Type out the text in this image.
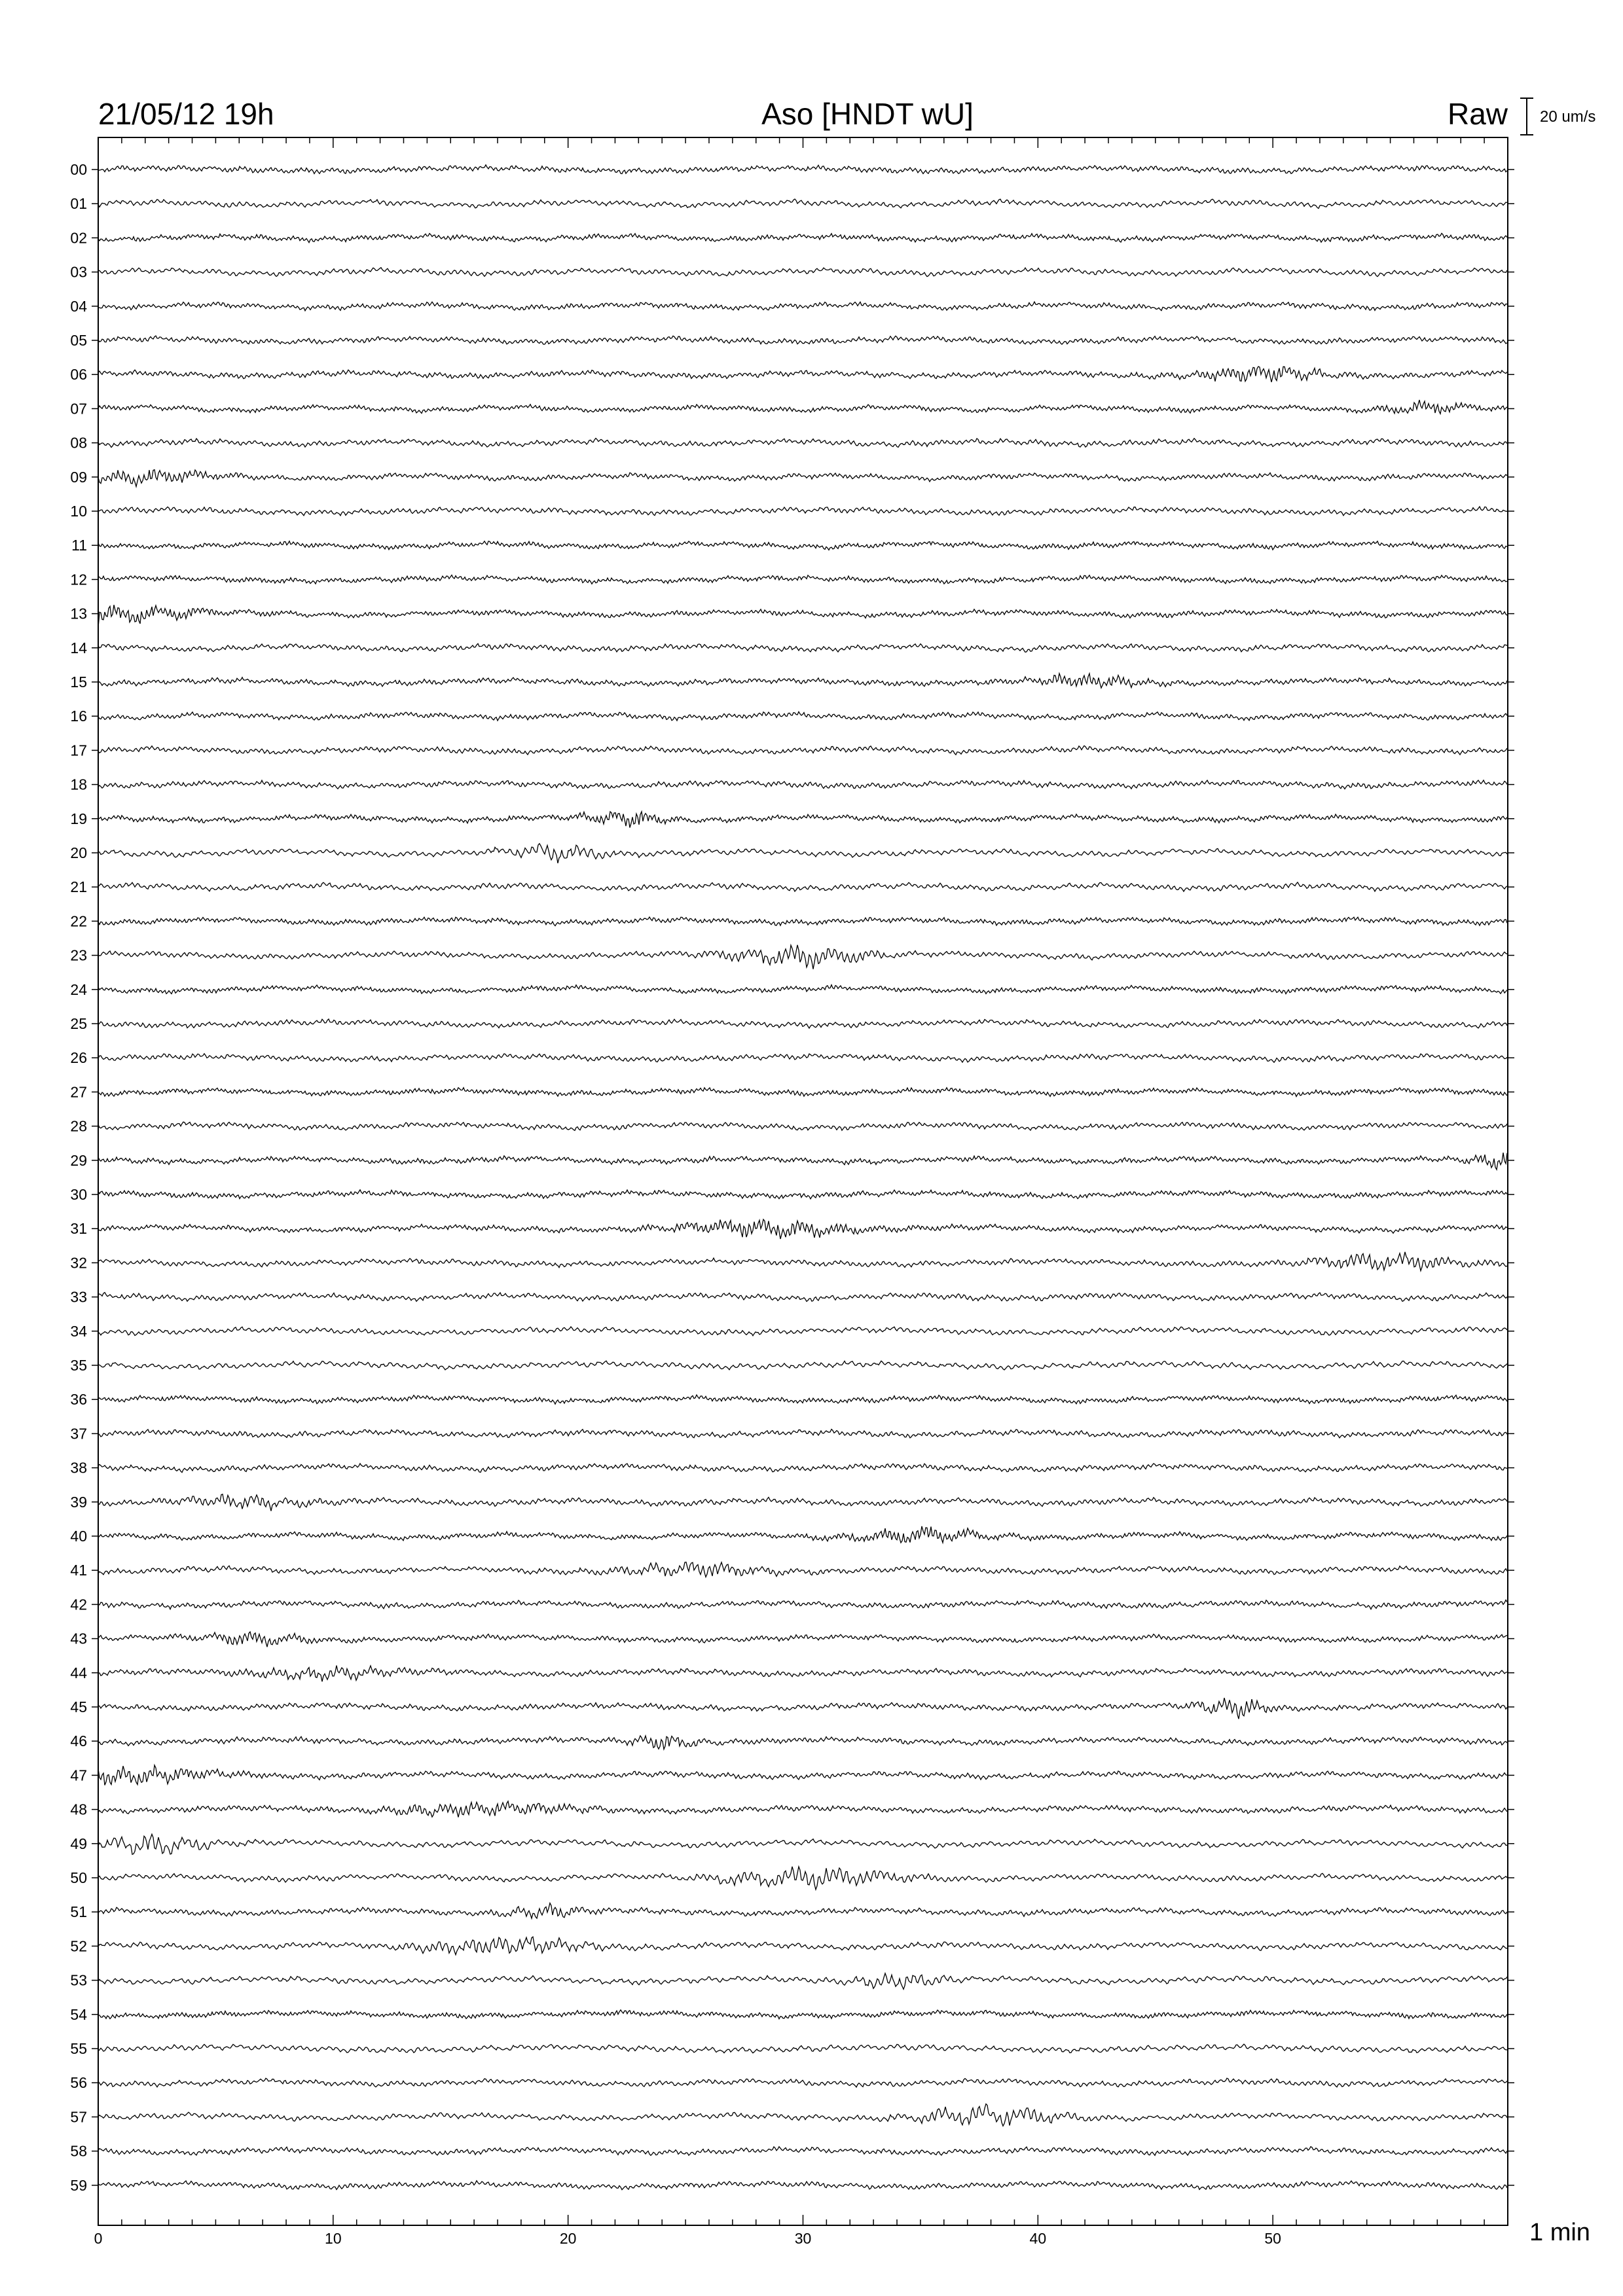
21/05/12 19h	Aso [HNDT wU]	Raw 20 um/s
00
01
02
03
04
05
06
07
08
09
10
11
12
13
14
15
16
17
18
19
20
21
22
23
24
25
26
27
28
29
30
31
32
33
34
35
36
37
38
39
40
41
42
43
44
45
46
47
48
49
50
51
52
53
54
55
56
57
58
59
0	10	20	30	40	50	1 min
